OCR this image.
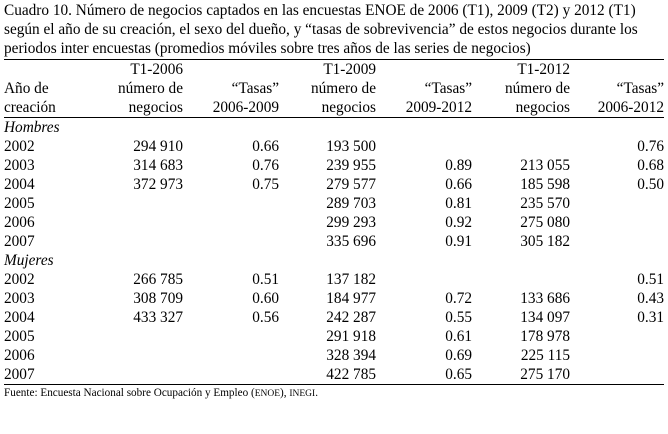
Cuadro 10. Número de negocios captados en las encuestas ENOE de 2006 (T1), 2009 (T2) y 2012 (T1) según el año de su creación, el sexo del dueño, y “tasas de sobrevivencia” de estos negocios durante los periodos inter encuestas (promedios móviles sobre tres años de las series de negocios)

	T1-2006		T1-2009		T1-2012	
Año de	número de	“Tasas”	número de	“Tasas”	número de	“Tasas”
creación	negocios	2006-2009	negocios	2009-2012	negocios	2006-2012
Hombres						
2002	294 910	0.66	193 500			0.76
2003	314 683	0.76	239 955	0.89	213 055	0.68
2004	372 973	0.75	279 577	0.66	185 598	0.50
2005			289 703	0.81	235 570	
2006			299 293	0.92	275 080	
2007			335 696	0.91	305 182	
Mujeres						
2002	266 785	0.51	137 182			0.51
2003	308 709	0.60	184 977	0.72	133 686	0.43
2004	433 327	0.56	242 287	0.55	134 097	0.31
2005			291 918	0.61	178 978	
2006			328 394	0.69	225 115	
2007			422 785	0.65	275 170	
Fuente: Encuesta Nacional sobre Ocupación y Empleo (ENOE), INEGI.
